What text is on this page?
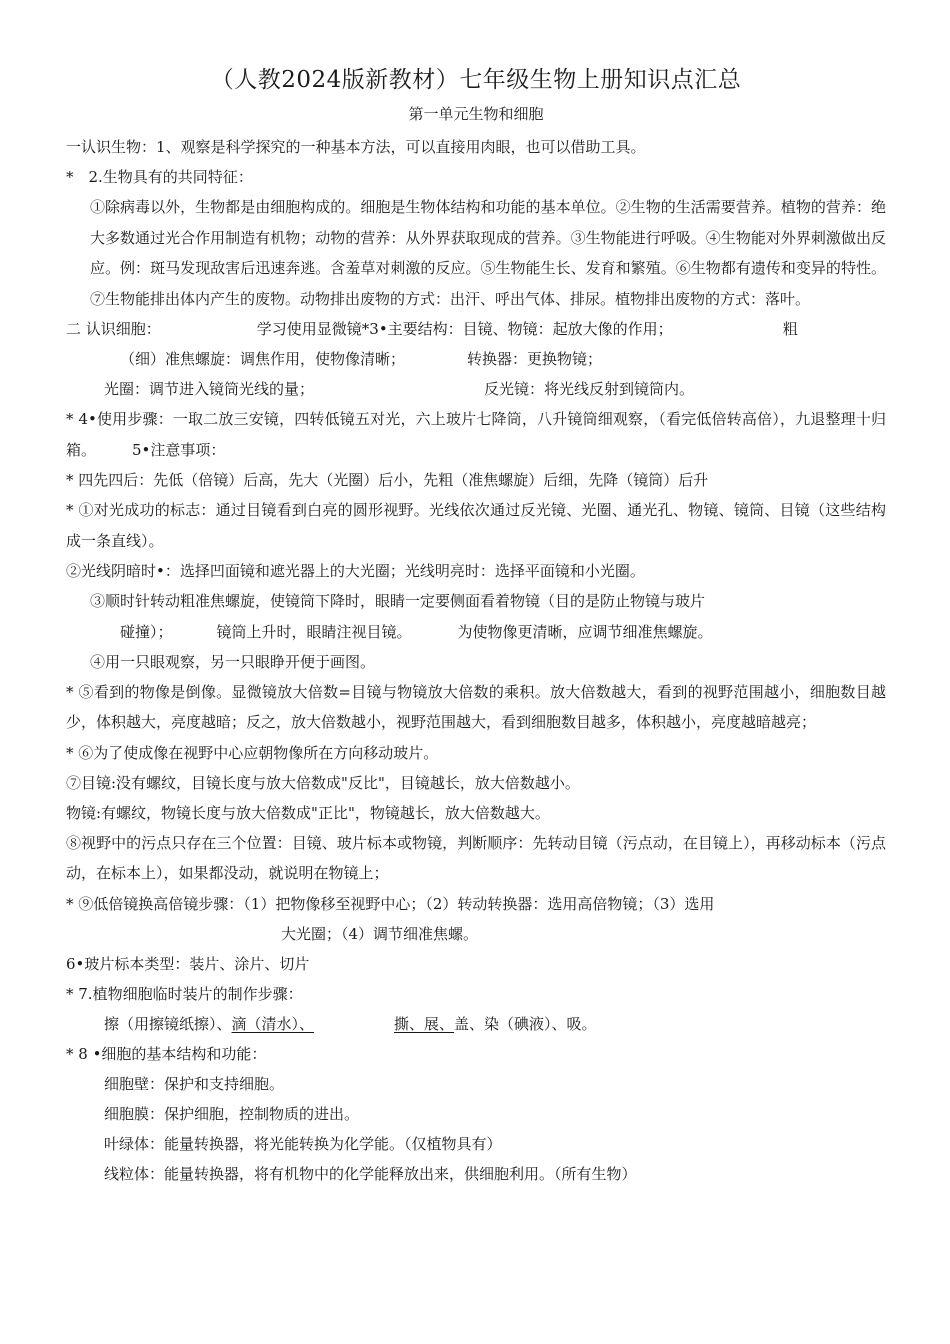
（人教2024版新教材）七年级生物上册知识点汇总
第一单元生物和细胞
一认识生物：1、观察是科学探究的一种基本方法，可以直接用肉眼，也可以借助工具。
*　2.生物具有的共同特征：
①除病毒以外，生物都是由细胞构成的。细胞是生物体结构和功能的基本单位。②生物的生活需要营养。植物的营养：绝大多数通过光合作用制造有机物；动物的营养：从外界获取现成的营养。③生物能进行呼吸。④生物能对外界刺激做出反应。例：斑马发现敌害后迅速奔逃。含羞草对刺激的反应。⑤生物能生长、发育和繁殖。⑥生物都有遗传和变异的特性。⑦生物能排出体内产生的废物。动物排出废物的方式：出汗、呼出气体、排尿。植物排出废物的方式：落叶。
二 认识细胞：	学习使用显微镜*3•主要结构：目镜、物镜：起放大像的作用；	粗
（细）准焦螺旋：调焦作用，使物像清晰；	转换器：更换物镜；
光圈：调节进入镜筒光线的量；	反光镜：将光线反射到镜筒内。
* 4•使用步骤：一取二放三安镜，四转低镜五对光，六上玻片七降筒，八升镜筒细观察，（看完低倍转高倍），九退整理十归箱。 5•注意事项：
* 四先四后：先低（倍镜）后高，先大（光圈）后小，先粗（准焦螺旋）后细，先降（镜筒）后升
* ①对光成功的标志：通过目镜看到白亮的圆形视野。光线依次通过反光镜、光圈、通光孔、物镜、镜筒、目镜（这些结构成一条直线）。
②光线阴暗时•：选择凹面镜和遮光器上的大光圈；光线明亮时：选择平面镜和小光圈。
③顺时针转动粗准焦螺旋，使镜筒下降时，眼睛一定要侧面看着物镜（目的是防止物镜与玻片
碰撞）；	镜筒上升时，眼睛注视目镜。	为使物像更清晰，应调节细准焦螺旋。
④用一只眼观察，另一只眼睁开便于画图。
* ⑤看到的物像是倒像。显微镜放大倍数=目镜与物镜放大倍数的乘积。放大倍数越大，看到的视野范围越小，细胞数目越少，体积越大，亮度越暗；反之，放大倍数越小，视野范围越大，看到细胞数目越多，体积越小，亮度越暗越亮；
* ⑥为了使成像在视野中心应朝物像所在方向移动玻片。
⑦目镜:没有螺纹，目镜长度与放大倍数成"反比"，目镜越长，放大倍数越小。
物镜:有螺纹，物镜长度与放大倍数成"正比"，物镜越长，放大倍数越大。
⑧视野中的污点只存在三个位置：目镜、玻片标本或物镜，判断顺序：先转动目镜（污点动，在目镜上），再移动标本（污点动，在标本上），如果都没动，就说明在物镜上；
* ⑨低倍镜换高倍镜步骤：（1）把物像移至视野中心；（2）转动转换器：选用高倍物镜；（3）选用
大光圈；（4）调节细准焦螺。
6•玻片标本类型：装片、涂片、切片
* 7.植物细胞临时装片的制作步骤：
擦（用擦镜纸擦）、滴（清水）、	撕、展、盖、染（碘液）、吸。
* 8 •细胞的基本结构和功能：
细胞壁：保护和支持细胞。
细胞膜：保护细胞，控制物质的进出。
叶绿体：能量转换器，将光能转换为化学能。（仅植物具有）
线粒体：能量转换器，将有机物中的化学能释放出来，供细胞利用。（所有生物）
